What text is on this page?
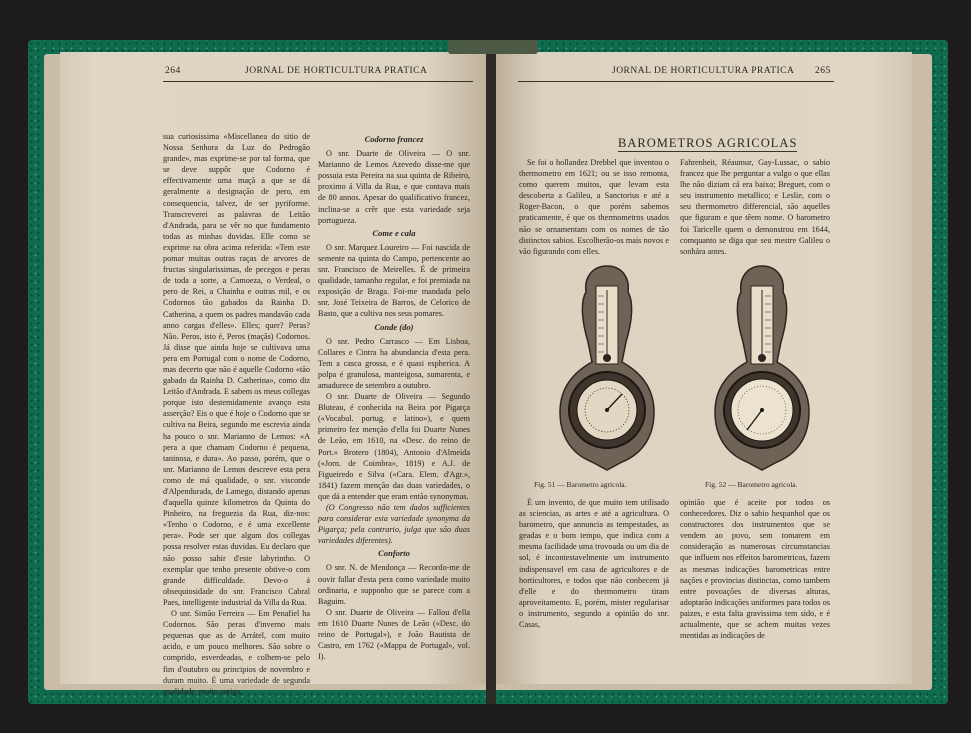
264	JORNAL DE HORTICULTURA PRATICA

sua curiosissima «Miscellanea do sitio de Nossa Senhora da Luz do Pedrogão grande», mas exprime-se por tal forma, que se deve suppôr que Codorno é effectivamente uma maçã a que se dá geralmente a designação de pero, em consequencia, talvez, de ser pyriforme. Transcreverei as palavras de Leitão d'Andrada, para se vêr no que fundamento todas as minhas duvidas. Elle como se exprime na obra acima referida: «Tem este pomar muitas outras raças de arvores de fructas singularissimas, de pecegos e peras de toda a sorte, a Camoeza, o Verdeal, o pero de Rei, a Chainha e outras mil, e os Codornos tão gabados da Rainha D. Catherina, a quem os padres mandavão cada anno cargas d'elles». Elles; quer? Peras? Não. Peros, isto é, Peros (maçãs) Codornos. Já disse que ainda hoje se cultivava uma pera em Portugal com o nome de Codorno, mas decerto que não é aquelle Codorno «tão gabado da Rainha D. Catherina», como diz Leitão d'Andrada. E sabem os meus collegas porque isto destemidamente avanço esta asserção? Eis o que é hoje o Codorno que se cultiva na Beira, segundo me escrevia ainda ha pouco o snr. Marianno de Lemos: «A pera a que chamam Codorno é pequena, taninosa, e dura». Ao passo, porém, que o snr. Marianno de Lemos descreve esta pera como de má qualidade, o snr. visconde d'Alpendurada, de Lamego, distando apenas d'aquella quinze kilometros da Quinta do Pinheiro, na freguezia da Rua, diz-nos: «Tenho o Codorno, e é uma excellente pera». Pode ser que algum dos collegas possa resolver estas duvidas. Eu declaro que não posso sahir d'este labyrintho. O exemplar que tenho presente obtive-o com grande difficuldade. Devo-o á obsequiosidade do snr. Francisco Cabral Paes, intelligente industrial da Villa da Rua.

O snr. Simão Ferreira — Em Penafiel ha Codornos. São peras d'inverno mais pequenas que as de Arrátel, com muito acido, e um pouco melhores. São sobre o comprido, esverdeadas, e colhem-se pelo fim d'outubro ou principios de novembro e duram muito. É uma variedade de segunda qualidade, muito antiga.

Codorno francez

O snr. Duarte de Oliveira — O snr. Marianno de Lemos Azevedo disse-me que possuia esta Pereira na sua quinta de Ribeiro, proximo á Villa da Rua, e que contava mais de 80 annos. Apesar do qualificativo francez, inclina-se a crêr que esta variedade seja portugueza.

Come e cala

O snr. Marquez Loureiro — Foi nascida de semente na quinta do Campo, pertencente ao snr. Francisco de Meirelles. É de primeira qualidade, tamanho regular, e foi premiada na exposição de Braga. Foi-me mandada pelo snr. José Teixeira de Barros, de Celorico de Basto, que a cultiva nos seus pomares.

Conde (do)

O snr. Pedro Carrasco — Em Lisboa, Collares e Cintra ha abundancia d'esta pera. Tem a casca grossa, e é quasi espherica. A polpa é granulosa, manteigosa, sumarenta, e amadurece de setembro a outubro.

O snr. Duarte de Oliveira — Segundo Bluteau, é conhecida na Beira por Pigarça («Vocabul. portug. e latino»), e quem primeiro fez menção d'ella foi Duarte Nunes de Leão, em 1610, na «Desc. do reino de Port.» Brotero (1804), Antonio d'Almeida («Jorn. de Coimbra», 1819) e A.J. de Figueiredo e Silva («Cara. Elem. d'Agr.», 1841) fazem menção das duas variedades, o que dá a entender que eram então synonymas.

(O Congresso não tem dados sufficientes para considerar esta variedade synonyma da Pigarça; pela contrario, julga que são duas variedades diferentes).

Conforto

O snr. N. de Mendonça — Recordo-me de ouvir fallar d'esta pera como variedade muito ordinaria, e supponho que se parece com a Baguim.

O snr. Duarte de Oliveira — Fallou d'ella em 1610 Duarte Nunes de Leão («Desc. do reino de Portugal»), e João Bautista de Castro, em 1762 («Mappa de Portugal», vol. I).

JORNAL DE HORTICULTURA PRATICA 265
BAROMETROS AGRICOLAS

Se foi o hollandez Drebbel que inventou o thermometro em 1621; ou se isso remonta, como querem muitos, que levam esta descoberta a Galileu, a Sanctorius e até a Roger-Bacon, o que porém sabemos praticamente, é que os thermometros usados não se ornamentam com os nomes de tão distinctos sabios. Escolherão-os mais novos e vão figurando com elles.

Fahrenheit, Réaumur, Gay-Lussac, o sabio francez que lhe perguntar a vulgo o que ellas lhe não diziam cá era baixo; Breguet, com o seu instrumento metallico; e Leslie, com o seu thermometro differencial, são aquelles que figuram e que têem nome. O barometro foi Taricelle quem o demonstrou em 1644, comquanto se diga que seu mestre Galileu o sonhára antes.

Fig. 51 — Barometro agricola.	Fig. 52 — Barometro agricola.

É um invento, de que muito tem utilisado as sciencias, as artes e até a agricultura. O barometro, que annuncia as tempestades, as geadas e o bom tempo, que indica com a mesma facilidade uma trovoada ou um dia de sol, é incontestavelmente um instrumento indispensavel em casa de agricultores e de horticultores, e todos que não conhecem já d'elle e do thermometro tiram aproveitamento. E, porém, mister regularisar o instrumento, segundo a opinião do snr. Casas,

opinião que é aceite por todos os conhecedores. Diz o sabio hespanhol que os constructores dos instrumentos que se vendem ao povo, sem tomarem em consideração as numerosas circumstancias que influem nos effeitos barometricos, fazem as mesmas indicações barometricas entre nações e provincias distinctas, como tambem entre povoações de diversas alturas, adoptarão indicações uniformes para todos os paizes, e esta falta gravissima tem sido, e é actualmente, que se achem muitas vezes mentidas as indicações de
